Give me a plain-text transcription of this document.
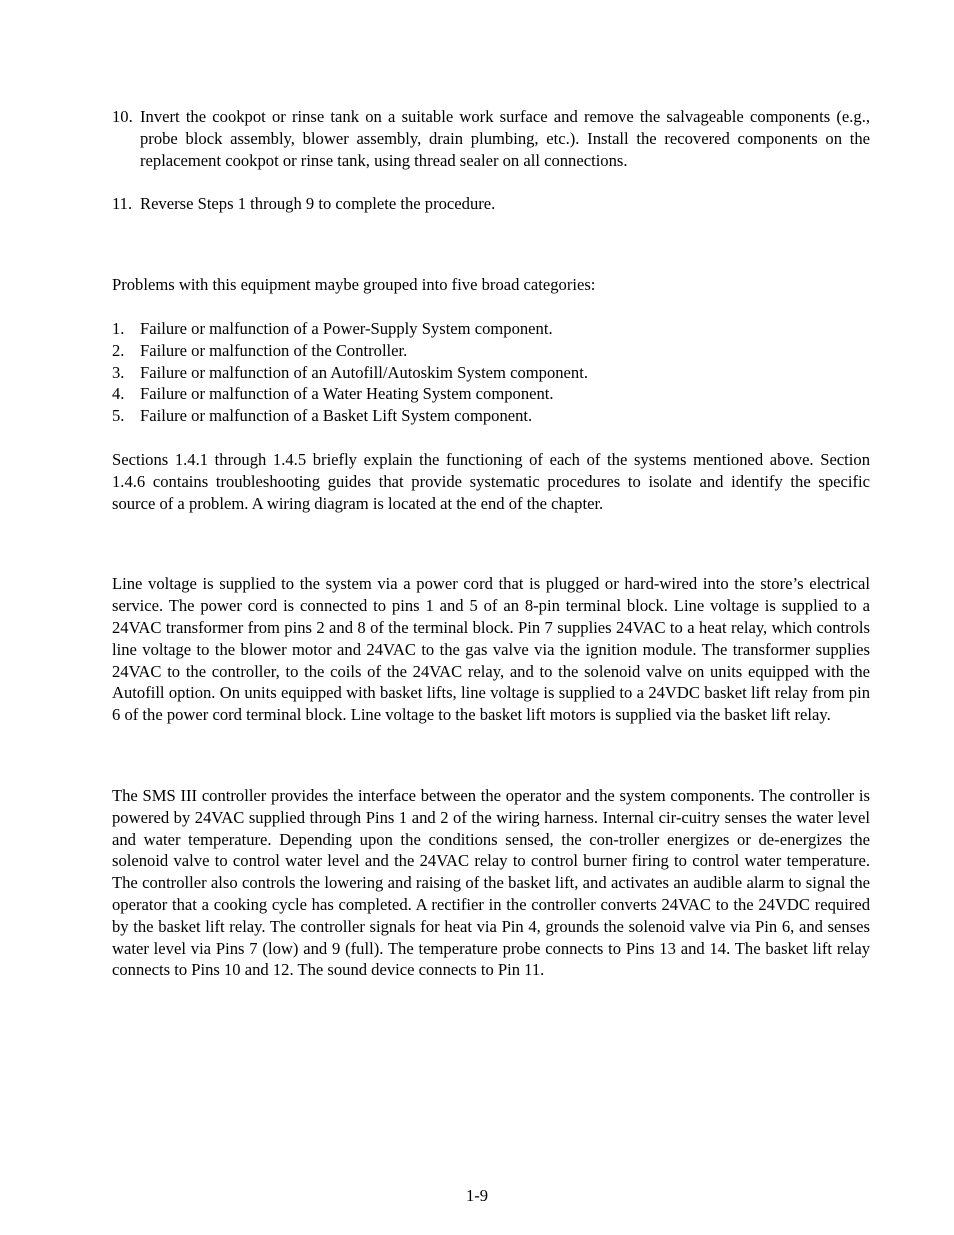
10. Invert the cookpot or rinse tank on a suitable work surface and remove the salvageable components (e.g., probe block assembly, blower assembly, drain plumbing, etc.). Install the recovered components on the replacement cookpot or rinse tank, using thread sealer on all connections.
11. Reverse Steps 1 through 9 to complete the procedure.

Problems with this equipment maybe grouped into five broad categories:

1. Failure or malfunction of a Power-Supply System component.
2. Failure or malfunction of the Controller.
3. Failure or malfunction of an Autofill/Autoskim System component.
4. Failure or malfunction of a Water Heating System component.
5. Failure or malfunction of a Basket Lift System component.

Sections 1.4.1 through 1.4.5 briefly explain the functioning of each of the systems mentioned above. Section 1.4.6 contains troubleshooting guides that provide systematic procedures to isolate and identify the specific source of a problem. A wiring diagram is located at the end of the chapter.

Line voltage is supplied to the system via a power cord that is plugged or hard-wired into the store’s electrical service. The power cord is connected to pins 1 and 5 of an 8-pin terminal block. Line voltage is supplied to a 24VAC transformer from pins 2 and 8 of the terminal block. Pin 7 supplies 24VAC to a heat relay, which controls line voltage to the blower motor and 24VAC to the gas valve via the ignition module. The transformer supplies 24VAC to the controller, to the coils of the 24VAC relay, and to the solenoid valve on units equipped with the Autofill option. On units equipped with basket lifts, line voltage is supplied to a 24VDC basket lift relay from pin 6 of the power cord terminal block. Line voltage to the basket lift motors is supplied via the basket lift relay.

The SMS III controller provides the interface between the operator and the system components. The controller is powered by 24VAC supplied through Pins 1 and 2 of the wiring harness. Internal cir-cuitry senses the water level and water temperature. Depending upon the conditions sensed, the con-troller energizes or de-energizes the solenoid valve to control water level and the 24VAC relay to control burner firing to control water temperature. The controller also controls the lowering and raising of the basket lift, and activates an audible alarm to signal the operator that a cooking cycle has completed. A rectifier in the controller converts 24VAC to the 24VDC required by the basket lift relay. The controller signals for heat via Pin 4, grounds the solenoid valve via Pin 6, and senses water level via Pins 7 (low) and 9 (full). The temperature probe connects to Pins 13 and 14. The basket lift relay connects to Pins 10 and 12. The sound device connects to Pin 11.

1-9
